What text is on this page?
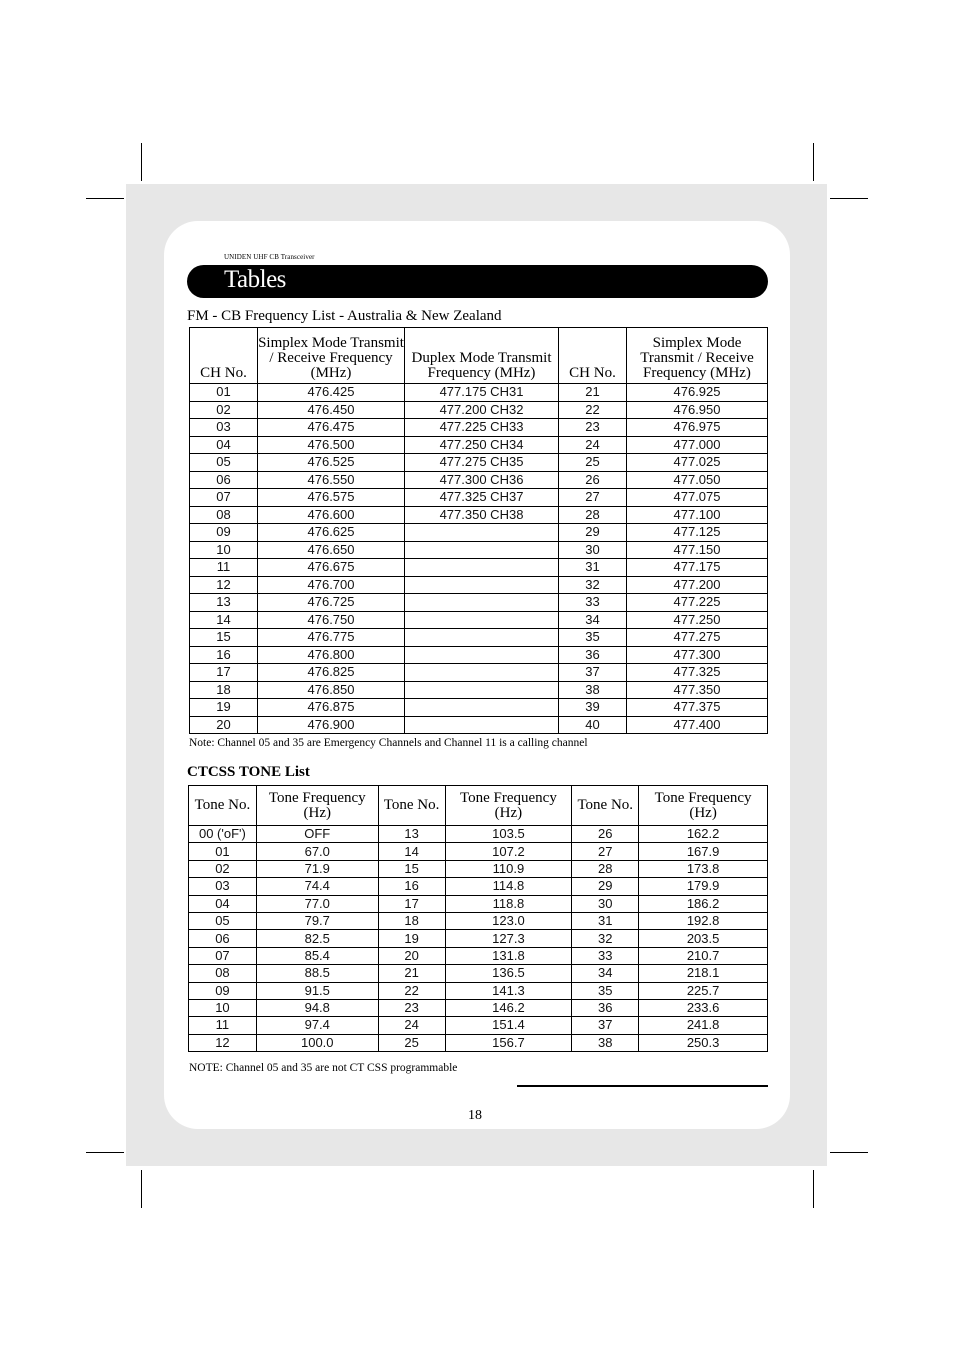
UNIDEN UHF CB Transceiver
Tables
FM - CB Frequency List - Australia & New Zealand
CH No.	Simplex Mode Transmit / Receive Frequency (MHz)	Duplex Mode Transmit Frequency (MHz)	CH No.	Simplex Mode Transmit / Receive Frequency (MHz)
01	476.425	477.175 CH31	21	476.925
02	476.450	477.200 CH32	22	476.950
03	476.475	477.225 CH33	23	476.975
04	476.500	477.250 CH34	24	477.000
05	476.525	477.275 CH35	25	477.025
06	476.550	477.300 CH36	26	477.050
07	476.575	477.325 CH37	27	477.075
08	476.600	477.350 CH38	28	477.100
09	476.625		29	477.125
10	476.650		30	477.150
11	476.675		31	477.175
12	476.700		32	477.200
13	476.725		33	477.225
14	476.750		34	477.250
15	476.775		35	477.275
16	476.800		36	477.300
17	476.825		37	477.325
18	476.850		38	477.350
19	476.875		39	477.375
20	476.900		40	477.400
Note: Channel 05 and 35 are Emergency Channels and Channel 11 is a calling channel
CTCSS TONE List
Tone No.	Tone Frequency (Hz)	Tone No.	Tone Frequency (Hz)	Tone No.	Tone Frequency (Hz)
00 ('oF')	OFF	13	103.5	26	162.2
01	67.0	14	107.2	27	167.9
02	71.9	15	110.9	28	173.8
03	74.4	16	114.8	29	179.9
04	77.0	17	118.8	30	186.2
05	79.7	18	123.0	31	192.8
06	82.5	19	127.3	32	203.5
07	85.4	20	131.8	33	210.7
08	88.5	21	136.5	34	218.1
09	91.5	22	141.3	35	225.7
10	94.8	23	146.2	36	233.6
11	97.4	24	151.4	37	241.8
12	100.0	25	156.7	38	250.3
NOTE: Channel 05 and 35 are not CT CSS programmable
18
